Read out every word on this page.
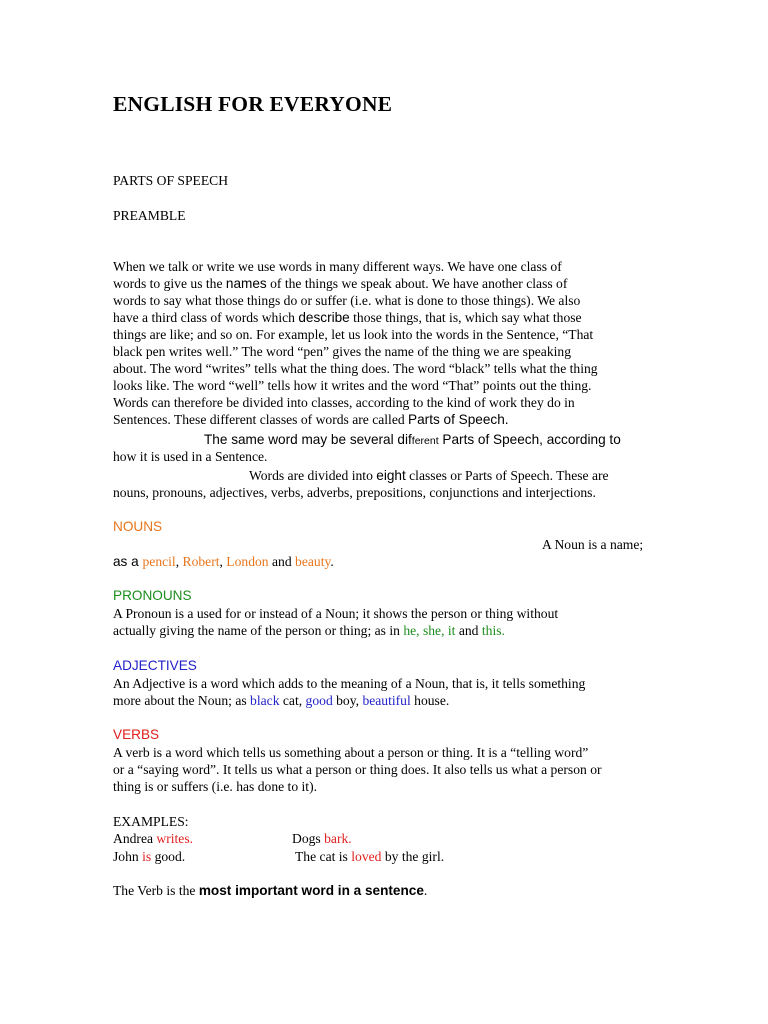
ENGLISH FOR EVERYONE

PARTS OF SPEECH

PREAMBLE

When we talk or write we use words in many different ways. We have one class of

words to give us the names of the things we speak about. We have another class of

words to say what those things do or suffer (i.e. what is done to those things). We also

have a third class of words which describe those things, that is, which say what those

things are like; and so on. For example, let us look into the words in the Sentence, “That

black pen writes well.” The word “pen” gives the name of the thing we are speaking

about. The word “writes” tells what the thing does. The word “black” tells what the thing

looks like. The word “well” tells how it writes and the word “That” points out the thing.

Words can therefore be divided into classes, according to the kind of work they do in

Sentences. These different classes of words are called Parts of Speech.

The same word may be several different Parts of Speech, according to

how it is used in a Sentence.

Words are divided into eight classes or Parts of Speech. These are

nouns, pronouns, adjectives, verbs, adverbs, prepositions, conjunctions and interjections.

NOUNS

A Noun is a name;

as a pencil, Robert, London and beauty.

PRONOUNS

A Pronoun is a used for or instead of a Noun; it shows the person or thing without

actually giving the name of the person or thing; as in he, she, it and this.

ADJECTIVES

An Adjective is a word which adds to the meaning of a Noun, that is, it tells something

more about the Noun; as black cat, good boy, beautiful house.

VERBS

A verb is a word which tells us something about a person or thing. It is a “telling word”

or a “saying word”. It tells us what a person or thing does. It also tells us what a person or

thing is or suffers (i.e. has done to it).

EXAMPLES:

Andrea writes.	Dogs bark.

John is good.	The cat is loved by the girl.

The Verb is the most important word in a sentence.
